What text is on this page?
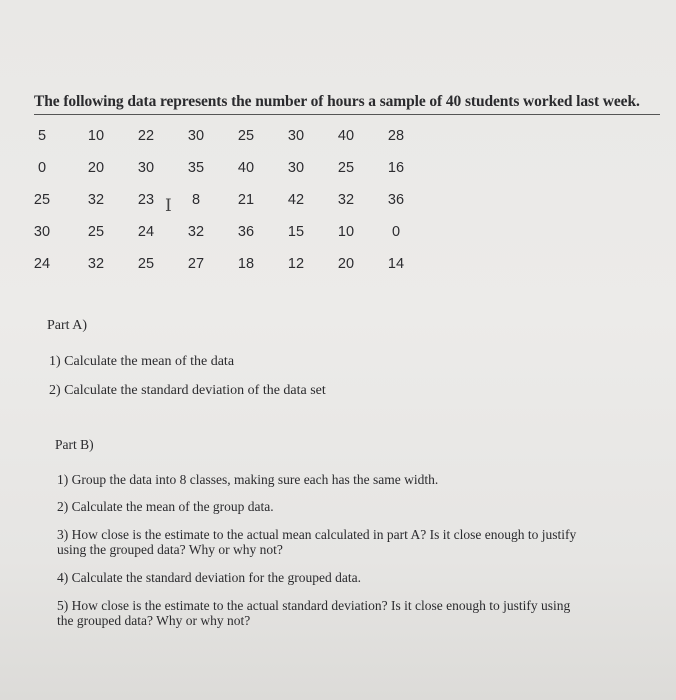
The following data represents the number of hours a sample of 40 students worked last week.
5	10	22	30	25	30	40	28
0	20	30	35	40	30	25	16
25	32	23	8	21	42	32	36
30	25	24	32	36	15	10	0
24	32	25	27	18	12	20	14
I
Part A)
1) Calculate the mean of the data
2) Calculate the standard deviation of the data set
Part B)
1) Group the data into 8 classes, making sure each has the same width.
2) Calculate the mean of the group data.
3) How close is the estimate to the actual mean calculated in part A? Is it close enough to justify
using the grouped data? Why or why not?
4) Calculate the standard deviation for the grouped data.
5) How close is the estimate to the actual standard deviation? Is it close enough to justify using
the grouped data? Why or why not?
